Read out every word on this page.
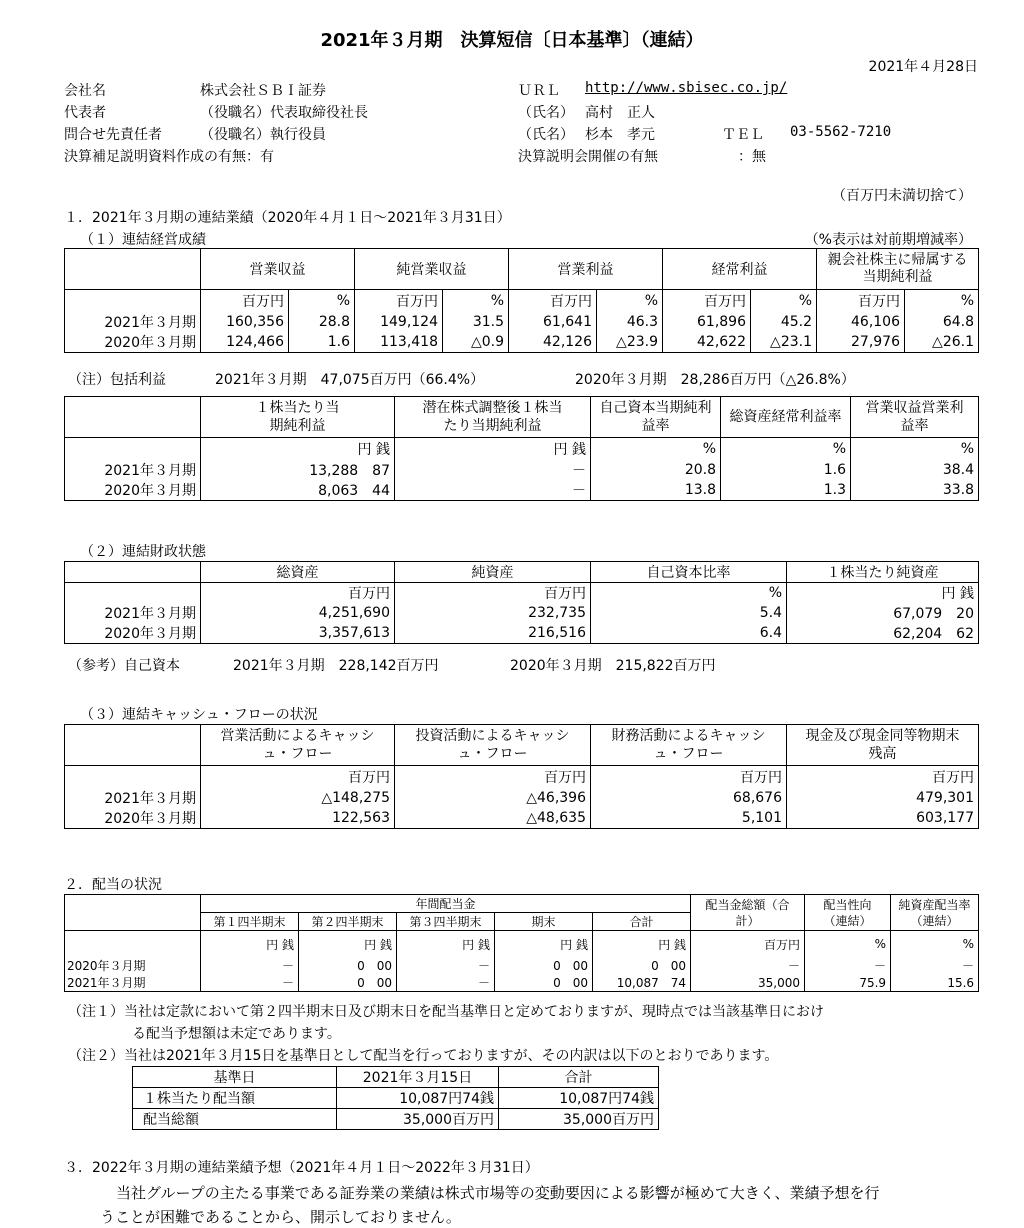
2021年３月期　決算短信〔日本基準〕（連結）
2021年４月28日
会社名	株式会社ＳＢＩ証券	ＵＲＬ http://www.sbisec.co.jp/
代表者	（役職名）代表取締役社長	（氏名） 高村　正人
問合せ先責任者	（役職名）執行役員	（氏名） 杉本　孝元	ＴＥＬ 03-5562-7210
決算補足説明資料作成の有無：有	決算説明会開催の有無	：無
（百万円未満切捨て）
１．2021年３月期の連結業績（2020年４月１日～2021年３月31日）
（１）連結経営成績	（%表示は対前期増減率）
	営業収益		純営業収益		営業利益		経常利益		親会社株主に帰属する当期純利益	
	百万円	%	百万円	%	百万円	%	百万円	%	百万円	%
2021年３月期	160,356	28.8	149,124	31.5	61,641	46.3	61,896	45.2	46,106	64.8
2020年３月期	124,466	1.6	113,418	△0.9	42,126	△23.9	42,622	△23.1	27,976	△26.1
（注）包括利益	2021年３月期　47,075百万円（66.4%）	2020年３月期　28,286百万円（△26.8%）
	１株当たり当期純利益	潜在株式調整後１株当たり当期純利益	自己資本当期純利益率	総資産経常利益率	営業収益営業利益率
	円 銭	円 銭	%	%	%
2021年３月期	13,288　87	－	20.8	1.6	38.4
2020年３月期	8,063　44	－	13.8	1.3	33.8
（２）連結財政状態
	総資産	純資産	自己資本比率	１株当たり純資産
	百万円	百万円	%	円 銭
2021年３月期	4,251,690	232,735	5.4	67,079　20
2020年３月期	3,357,613	216,516	6.4	62,204　62
（参考）自己資本	2021年３月期　228,142百万円	2020年３月期　215,822百万円
（３）連結キャッシュ・フローの状況
	営業活動によるキャッシュ・フロー	投資活動によるキャッシュ・フロー	財務活動によるキャッシュ・フロー	現金及び現金同等物期末残高
	百万円	百万円	百万円	百万円
2021年３月期	△148,275	△46,396	68,676	479,301
2020年３月期	122,563	△48,635	5,101	603,177
２．配当の状況
	年間配当金					配当金総額（合計）	配当性向（連結）	純資産配当率（連結）
	第１四半期末	第２四半期末	第３四半期末	期末	合計			
	円 銭	円 銭	円 銭	円 銭	円 銭	百万円	%	%
2020年３月期	－	0　00	－	0　00	0　00	－	－	－
2021年３月期	－	0　00	－	0　00	10,087　74	35,000	75.9	15.6
（注１）当社は定款において第２四半期末日及び期末日を配当基準日と定めておりますが、現時点では当該基準日におけ
る配当予想額は未定であります。
（注２）当社は2021年３月15日を基準日として配当を行っておりますが、その内訳は以下のとおりであります。
基準日	2021年３月15日	合計
１株当たり配当額	10,087円74銭	10,087円74銭
配当総額	35,000百万円	35,000百万円
３．2022年３月期の連結業績予想（2021年４月１日～2022年３月31日）
当社グループの主たる事業である証券業の業績は株式市場等の変動要因による影響が極めて大きく、業績予想を行
うことが困難であることから、開示しておりません。
